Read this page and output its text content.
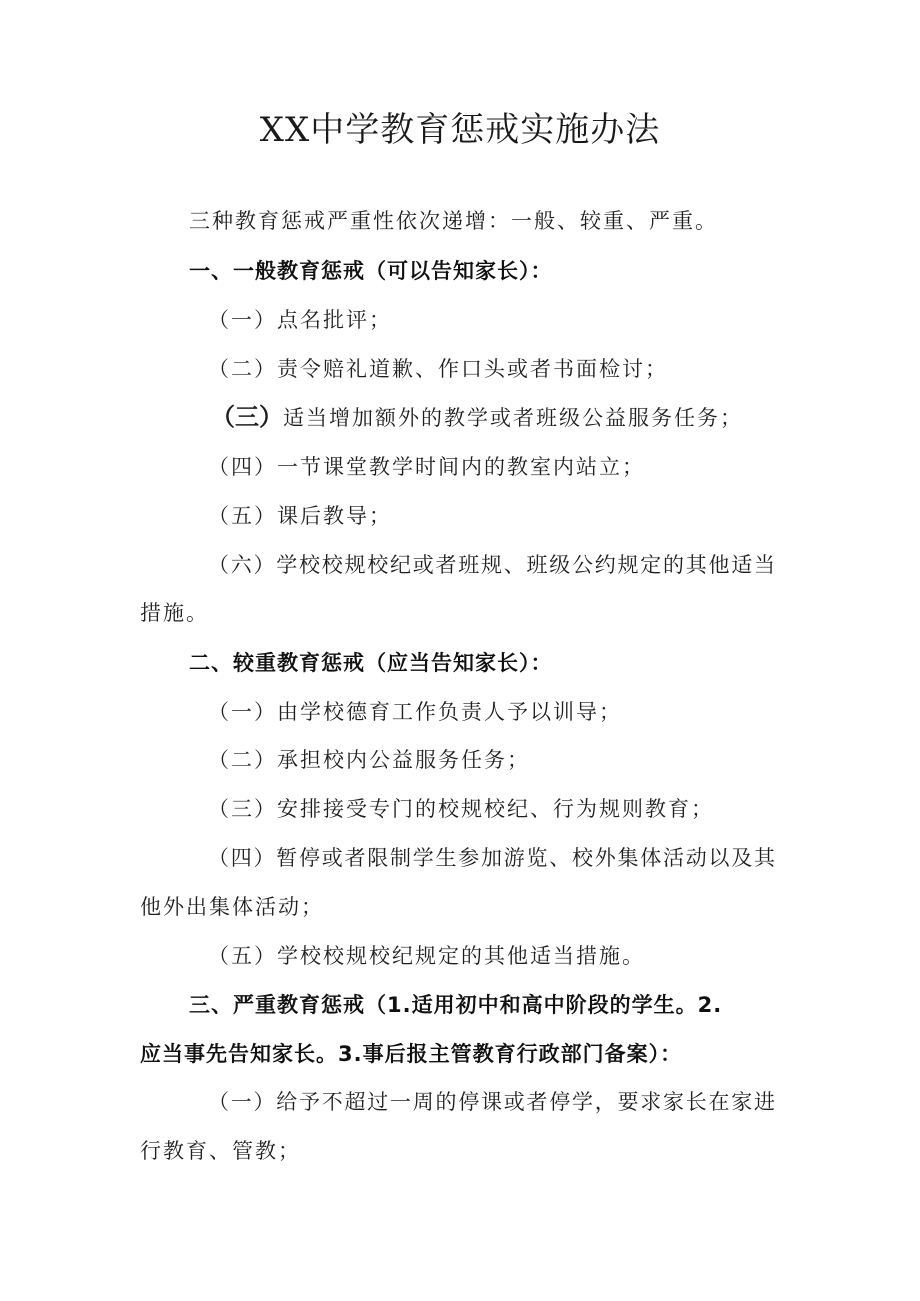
XX中学教育惩戒实施办法
三种教育惩戒严重性依次递增：一般、较重、严重。
一、一般教育惩戒（可以告知家长）：
（一）点名批评；
（二）责令赔礼道歉、作口头或者书面检讨；
（三）适当增加额外的教学或者班级公益服务任务；
（四）一节课堂教学时间内的教室内站立；
（五）课后教导；
（六）学校校规校纪或者班规、班级公约规定的其他适当
措施。
二、较重教育惩戒（应当告知家长）：
（一）由学校德育工作负责人予以训导；
（二）承担校内公益服务任务；
（三）安排接受专门的校规校纪、行为规则教育；
（四）暂停或者限制学生参加游览、校外集体活动以及其
他外出集体活动；
（五）学校校规校纪规定的其他适当措施。
三、严重教育惩戒（1.适用初中和高中阶段的学生。2.
应当事先告知家长。3.事后报主管教育行政部门备案）：
（一）给予不超过一周的停课或者停学，要求家长在家进
行教育、管教；
